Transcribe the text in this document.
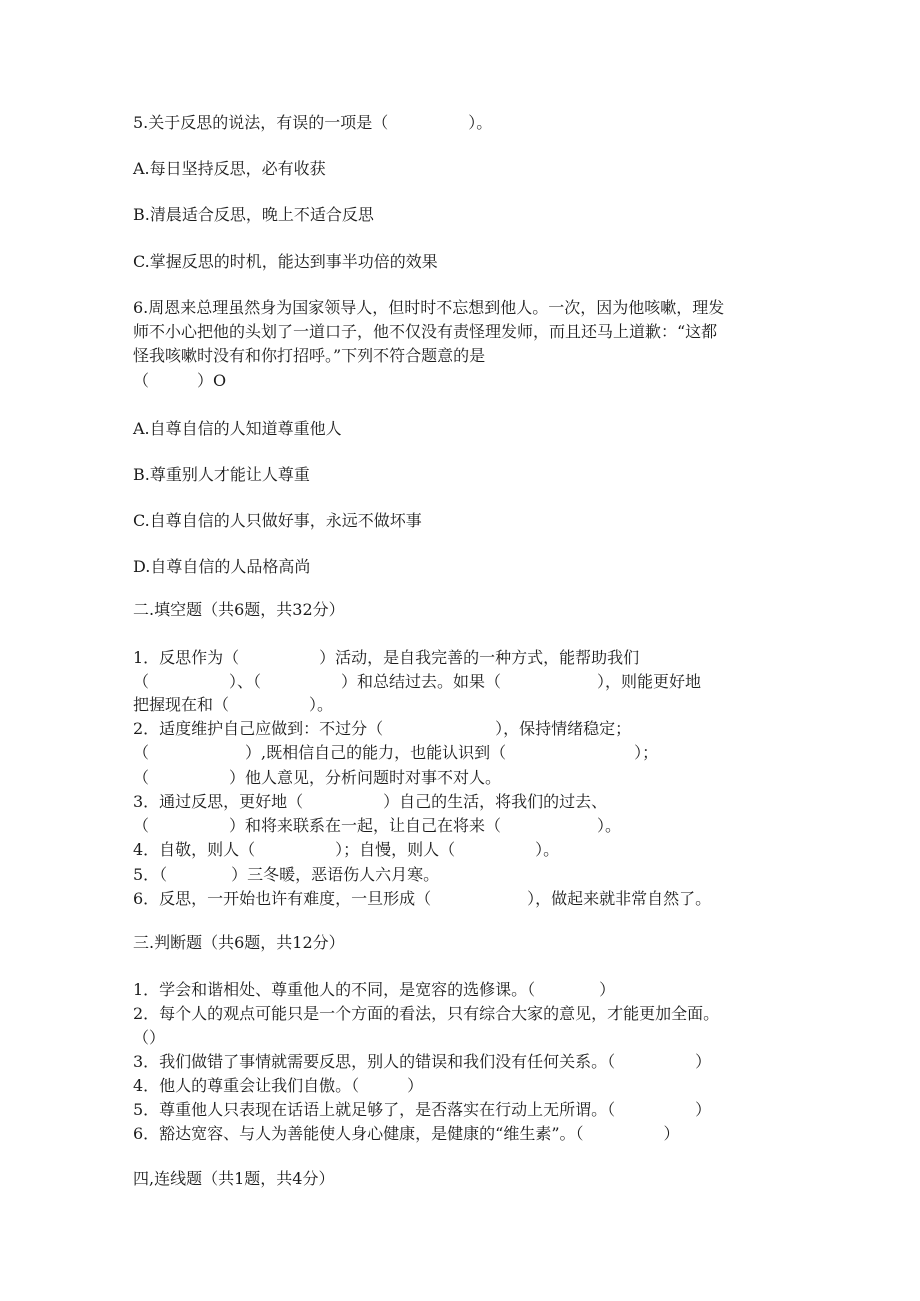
5.关于反思的说法，有误的一项是（　　　　　）。
A.每日坚持反思，必有收获
B.清晨适合反思，晚上不适合反思
C.掌握反思的时机，能达到事半功倍的效果
6.周恩来总理虽然身为国家领导人，但时时不忘想到他人。一次，因为他咳嗽，理发
师不小心把他的头划了一道口子，他不仅没有责怪理发师，而且还马上道歉：“这都
怪我咳嗽时没有和你打招呼。”下列不符合题意的是
（　　　）O
A.自尊自信的人知道尊重他人
B.尊重别人才能让人尊重
C.自尊自信的人只做好事，永远不做坏事
D.自尊自信的人品格高尚
二.填空题（共6题，共32分）
1．反思作为（　　　　　）活动，是自我完善的一种方式，能帮助我们
（　　　　　）、（　　　　　）和总结过去。如果（　　　　　　），则能更好地
把握现在和（　　　　　）。
2．适度维护自己应做到：不过分（　　　　　　　），保持情绪稳定；
（　　　　　　）,既相信自己的能力，也能认识到（　　　　　　　　）；
（　　　　　）他人意见，分析问题时对事不对人。
3．通过反思，更好地（　　　　　）自己的生活，将我们的过去、
（　　　　　）和将来联系在一起，让自己在将来（　　　　　　）。
4．自敬，则人（　　　　　）；自慢，则人（　　　　　）。
5．（　　　　）三冬暖，恶语伤人六月寒。
6．反思，一开始也许有难度，一旦形成（　　　　　　），做起来就非常自然了。
三.判断题（共6题，共12分）
1．学会和谐相处、尊重他人的不同，是宽容的选修课。（　　　　）
2．每个人的观点可能只是一个方面的看法，只有综合大家的意见，才能更加全面。
（）
3．我们做错了事情就需要反思，别人的错误和我们没有任何关系。（　　　　　）
4．他人的尊重会让我们自傲。（　　　）
5．尊重他人只表现在话语上就足够了，是否落实在行动上无所谓。（　　　　　）
6．豁达宽容、与人为善能使人身心健康，是健康的“维生素”。（　　　　　）
四,连线题（共1题，共4分）
